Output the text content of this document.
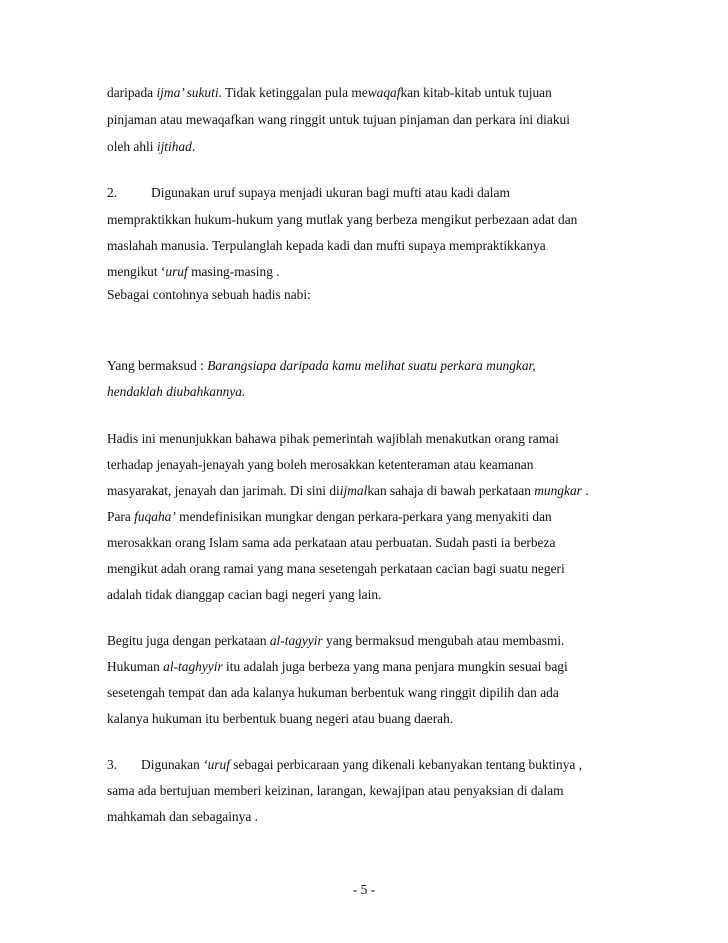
- 5 -
daripada ijma’ sukuti. Tidak ketinggalan pula mewaqafkan kitab-kitab untuk tujuan
pinjaman atau mewaqafkan wang ringgit untuk tujuan pinjaman dan perkara ini diakui
oleh ahli ijtihad.
2.	Digunakan uruf supaya menjadi ukuran bagi mufti atau kadi dalam
mempraktikkan hukum-hukum yang mutlak yang berbeza mengikut perbezaan adat dan
maslahah manusia. Terpulanglah kepada kadi dan mufti supaya mempraktikkanya
mengikut ‘uruf masing-masing .
Sebagai contohnya sebuah hadis nabi:
Yang bermaksud : Barangsiapa daripada kamu melihat suatu perkara mungkar,
hendaklah diubahkannya.
Hadis ini menunjukkan bahawa pihak pemerintah wajiblah menakutkan orang ramai
terhadap jenayah-jenayah yang boleh merosakkan ketenteraman atau keamanan
masyarakat, jenayah dan jarimah. Di sini diijmalkan sahaja di bawah perkataan mungkar .
Para fuqaha’ mendefinisikan mungkar dengan perkara-perkara yang menyakiti dan
merosakkan orang Islam sama ada perkataan atau perbuatan. Sudah pasti ia berbeza
mengikut adah orang ramai yang mana sesetengah perkataan cacian bagi suatu negeri
adalah tidak dianggap cacian bagi negeri yang lain.
Begitu juga dengan perkataan al-tagyyir yang bermaksud mengubah atau membasmi.
Hukuman al-taghyyir itu adalah juga berbeza yang mana penjara mungkin sesuai bagi
sesetengah tempat dan ada kalanya hukuman berbentuk wang ringgit dipilih dan ada
kalanya hukuman itu berbentuk buang negeri atau buang daerah.
3. Digunakan ‘uruf sebagai perbicaraan yang dikenali kebanyakan tentang buktinya ,
sama ada bertujuan memberi keizinan, larangan, kewajipan atau penyaksian di dalam
mahkamah dan sebagainya .
